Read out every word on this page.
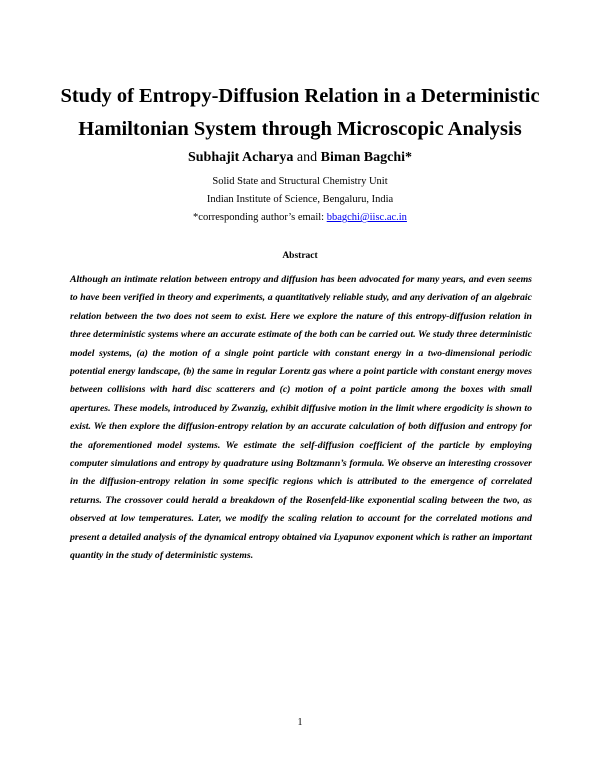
Study of Entropy-Diffusion Relation in a Deterministic
Hamiltonian System through Microscopic Analysis
Subhajit Acharya and Biman Bagchi*
Solid State and Structural Chemistry Unit
Indian Institute of Science, Bengaluru, India
*corresponding author’s email: bbagchi@iisc.ac.in
Abstract
Although an intimate relation between entropy and diffusion has been advocated for many years, and even seems to have been verified in theory and experiments, a quantitatively reliable study, and any derivation of an algebraic relation between the two does not seem to exist. Here we explore the nature of this entropy-diffusion relation in three deterministic systems where an accurate estimate of the both can be carried out. We study three deterministic model systems, (a) the motion of a single point particle with constant energy in a two-dimensional periodic potential energy landscape, (b) the same in regular Lorentz gas where a point particle with constant energy moves between collisions with hard disc scatterers and (c) motion of a point particle among the boxes with small apertures. These models, introduced by Zwanzig, exhibit diffusive motion in the limit where ergodicity is shown to exist. We then explore the diffusion-entropy relation by an accurate calculation of both diffusion and entropy for the aforementioned model systems. We estimate the self-diffusion coefficient of the particle by employing computer simulations and entropy by quadrature using Boltzmann’s formula. We observe an interesting crossover in the diffusion-entropy relation in some specific regions which is attributed to the emergence of correlated returns. The crossover could herald a breakdown of the Rosenfeld-like exponential scaling between the two, as observed at low temperatures. Later, we modify the scaling relation to account for the correlated motions and present a detailed analysis of the dynamical entropy obtained via Lyapunov exponent which is rather an important quantity in the study of deterministic systems.
1
